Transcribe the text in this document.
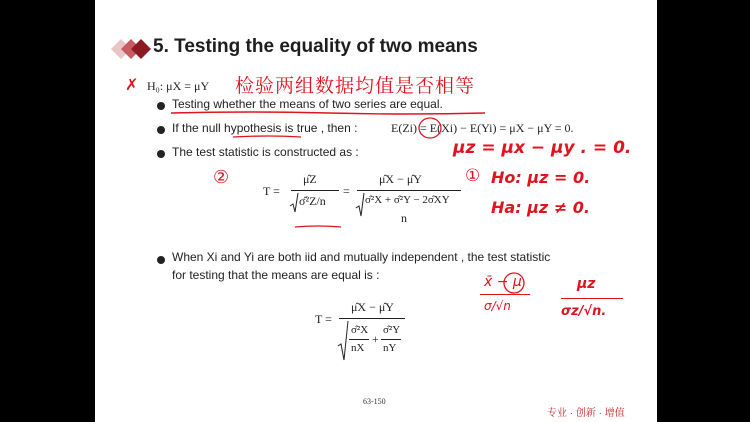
5. Testing the equality of two means
✗ H₀: μX = μY 检验两组数据均值是否相等
Testing whether the means of two series are equal.
If the null hypothesis is true , then :	E(Zi) = E(Xi) − E(Yi) = μX − μY = 0.
The test statistic is constructed as :	μz = μx − μy . = 0.
②
T =
μ̂Z
σ̂²Z/n
=
μ̂X − μ̂Y
σ̂²X + σ̂²Y − 2σ̂XY
n
① Ho: μz = 0.
Ha: μz ≠ 0.
When Xi and Yi are both iid and mutually independent , the test statistic
for testing that the means are equal is :	x̄ − μ
σ/√n
μz
σz/√n.
T =
μ̂X − μ̂Y
σ̂²X
nX
+
σ̂²Y
nY
63-150
专业 · 创新 · 增值
